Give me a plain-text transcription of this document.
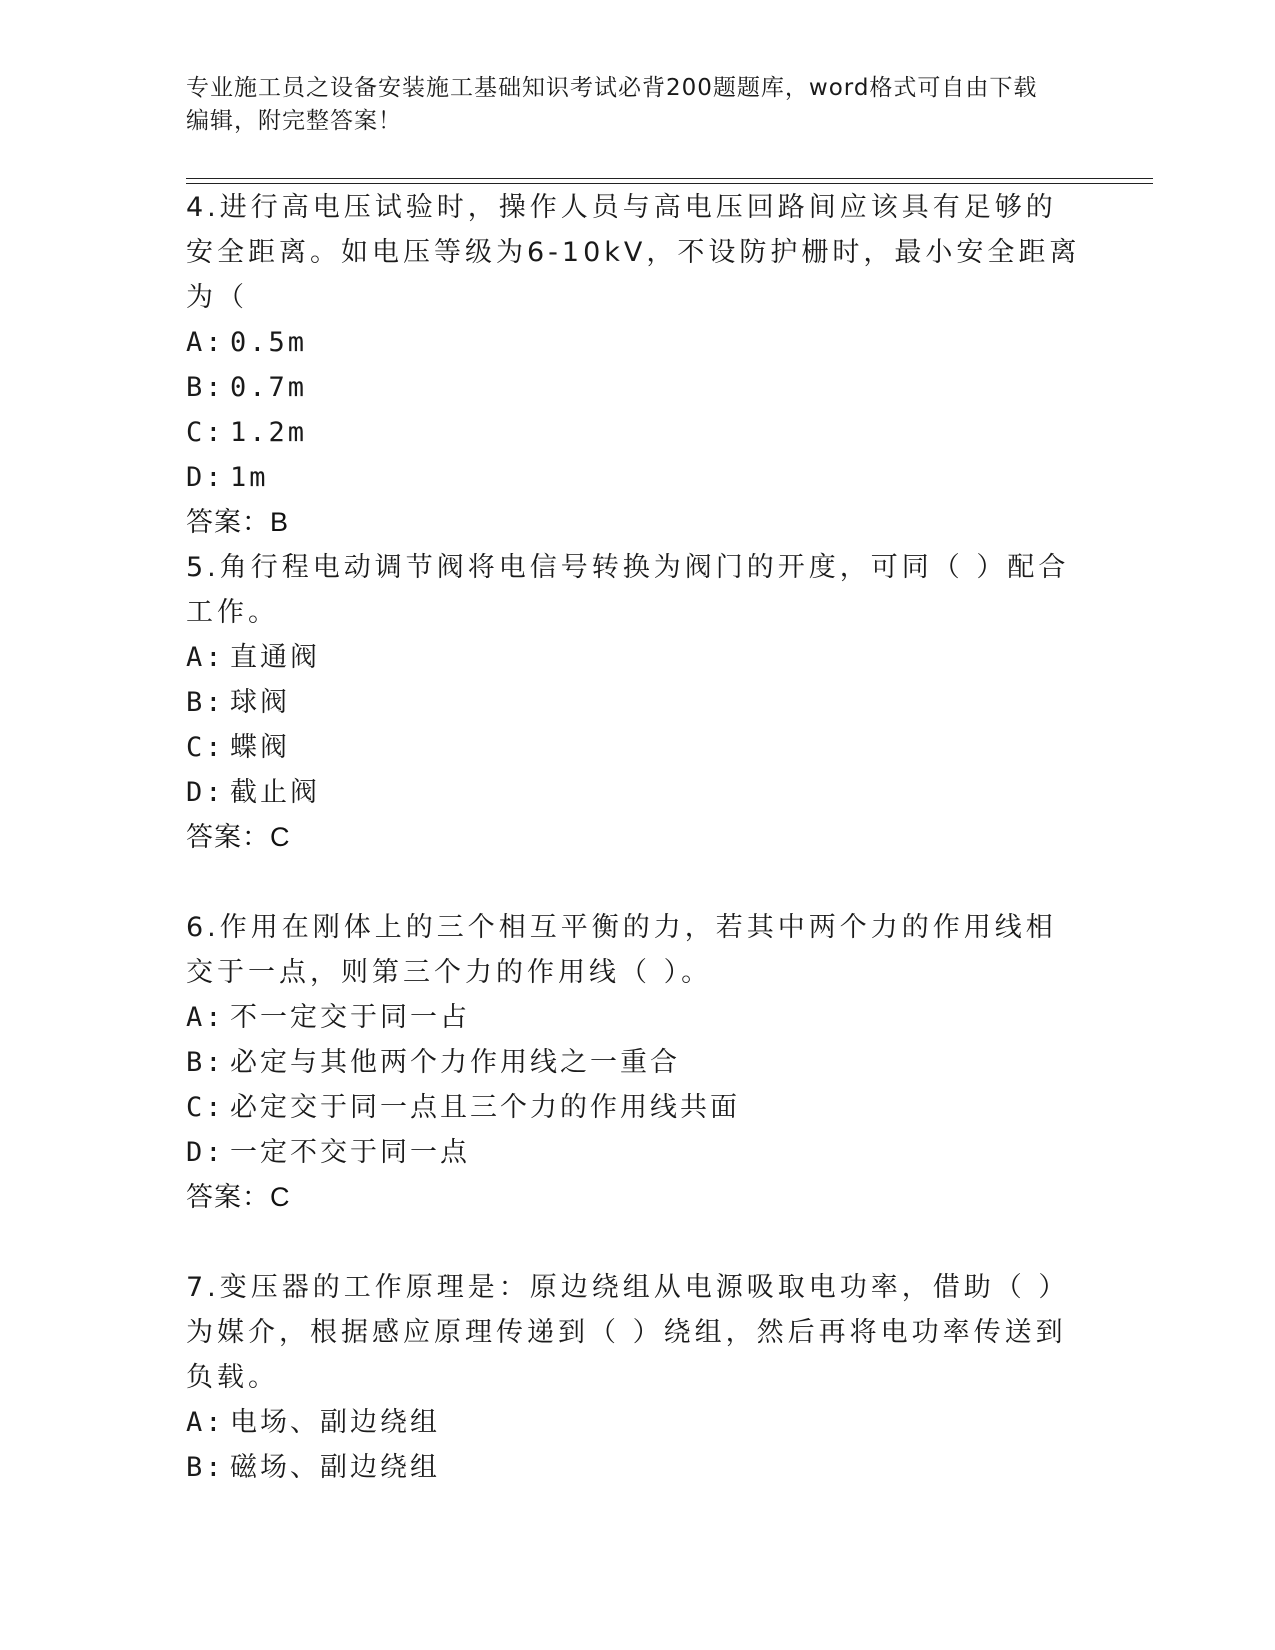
专业施工员之设备安装施工基础知识考试必背200题题库，word格式可自由下载
编辑，附完整答案！

4.进行高电压试验时，操作人员与高电压回路间应该具有足够的安全距离。如电压等级为6-10kV，不设防护栅时，最小安全距离为（

A: 0.5m

B: 0.7m

C: 1.2m

D: 1m

答案：B

5.角行程电动调节阀将电信号转换为阀门的开度，可同（ ）配合工作。

A: 直通阀

B: 球阀

C: 蝶阀

D: 截止阀

答案：C

6.作用在刚体上的三个相互平衡的力，若其中两个力的作用线相交于一点，则第三个力的作用线（ ）。

A: 不一定交于同一占

B: 必定与其他两个力作用线之一重合

C: 必定交于同一点且三个力的作用线共面

D: 一定不交于同一点

答案：C

7.变压器的工作原理是：原边绕组从电源吸取电功率，借助（ ）为媒介，根据感应原理传递到（ ）绕组，然后再将电功率传送到负载。

A: 电场、副边绕组

B: 磁场、副边绕组
